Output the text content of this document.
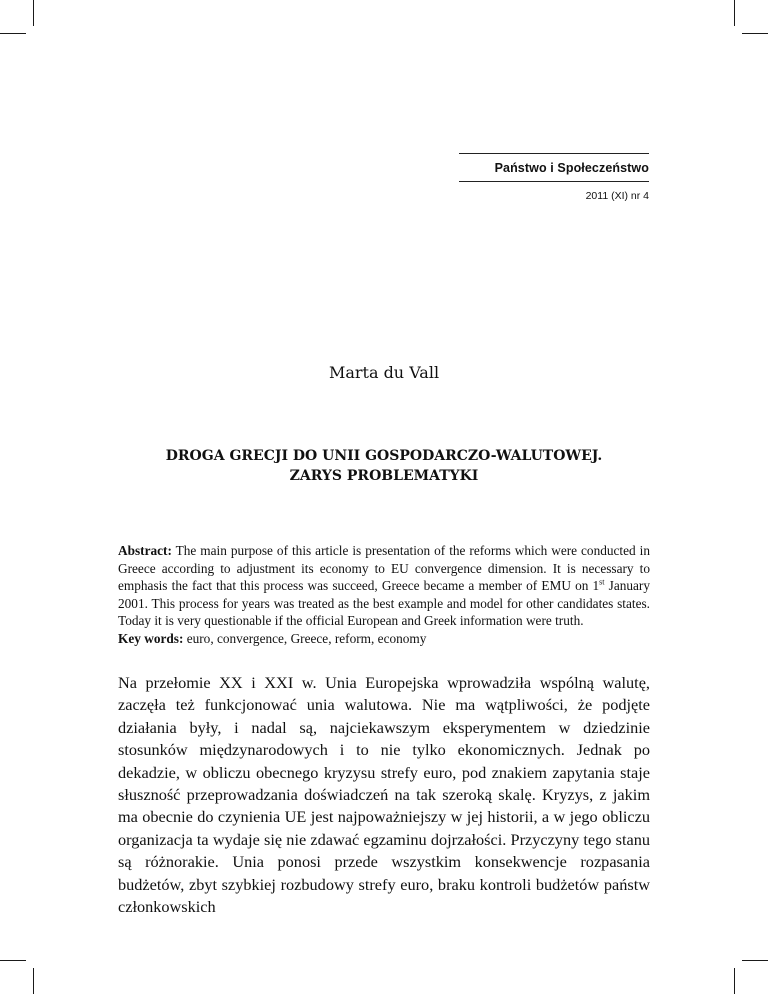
Państwo i Społeczeństwo
2011 (XI) nr 4
Marta du Vall
DROGA GRECJI DO UNII GOSPODARCZO-WALUTOWEJ.
ZARYS PROBLEMATYKI
Abstract: The main purpose of this article is presentation of the reforms which were conducted in Greece according to adjustment its economy to EU convergence dimension. It is necessary to emphasis the fact that this process was succeed, Greece became a member of EMU on 1st January 2001. This process for years was treated as the best example and model for other candidates states. Today it is very questionable if the official European and Greek information were truth.
Key words: euro, convergence, Greece, reform, economy
Na przełomie XX i XXI w. Unia Europejska wprowadziła wspólną walutę, zaczęła też funkcjonować unia walutowa. Nie ma wątpliwości, że podjęte działania były, i nadal są, najciekawszym eksperymentem w dziedzinie stosunków międzynarodowych i to nie tylko ekonomicznych. Jednak po dekadzie, w obliczu obecnego kryzysu strefy euro, pod znakiem zapytania staje słuszność przeprowadzania doświadczeń na tak szeroką skalę. Kryzys, z jakim ma obecnie do czynienia UE jest najpoważniejszy w jej historii, a w jego obliczu organizacja ta wydaje się nie zdawać egzaminu dojrzałości. Przyczyny tego stanu są różnorakie. Unia ponosi przede wszystkim konsekwencje rozpasania budżetów, zbyt szybkiej rozbudowy strefy euro, braku kontroli budżetów państw członkowskich
